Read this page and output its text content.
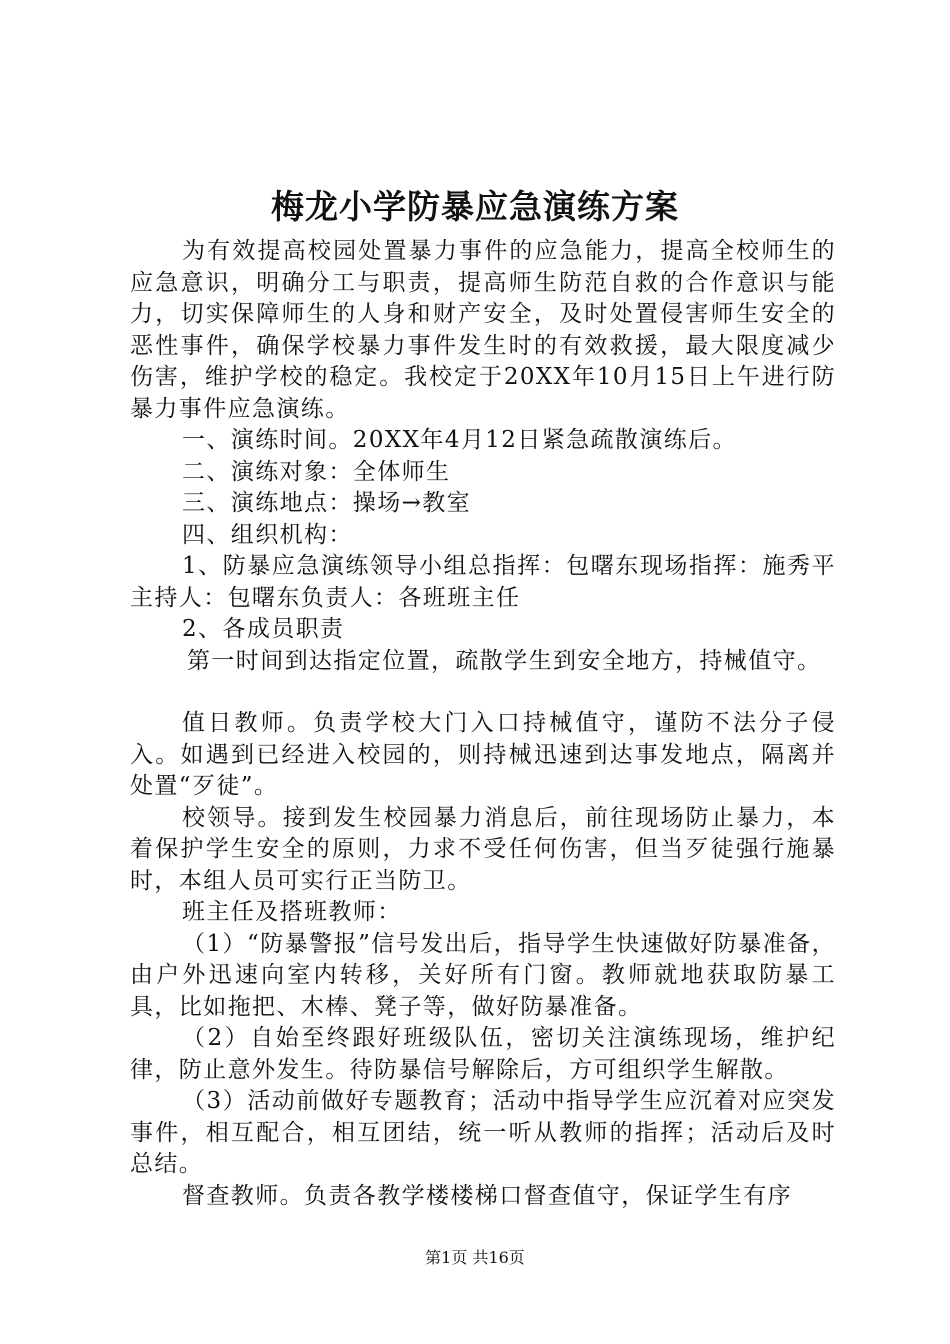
梅龙小学防暴应急演练方案

为有效提高校园处置暴力事件的应急能力，提高全校师生的应急意识，明确分工与职责，提高师生防范自救的合作意识与能力，切实保障师生的人身和财产安全，及时处置侵害师生安全的恶性事件，确保学校暴力事件发生时的有效救援，最大限度减少伤害，维护学校的稳定。我校定于20XX年10月15日上午进行防暴力事件应急演练。

一、演练时间。20XX年4月12日紧急疏散演练后。

二、演练对象：全体师生

三、演练地点：操场→教室

四、组织机构：

1、防暴应急演练领导小组总指挥：包曙东现场指挥：施秀平主持人：包曙东负责人：各班班主任

2、各成员职责

第一时间到达指定位置，疏散学生到安全地方，持械值守。

值日教师。负责学校大门入口持械值守，谨防不法分子侵入。如遇到已经进入校园的，则持械迅速到达事发地点，隔离并处置“歹徒”。

校领导。接到发生校园暴力消息后，前往现场防止暴力，本着保护学生安全的原则，力求不受任何伤害，但当歹徒强行施暴时，本组人员可实行正当防卫。

班主任及搭班教师：

（1）“防暴警报”信号发出后，指导学生快速做好防暴准备，由户外迅速向室内转移，关好所有门窗。教师就地获取防暴工具，比如拖把、木棒、凳子等，做好防暴准备。

（2）自始至终跟好班级队伍，密切关注演练现场，维护纪律，防止意外发生。待防暴信号解除后，方可组织学生解散。

（3）活动前做好专题教育；活动中指导学生应沉着对应突发事件，相互配合，相互团结，统一听从教师的指挥；活动后及时总结。

督查教师。负责各教学楼楼梯口督查值守，保证学生有序

第1页 共16页
